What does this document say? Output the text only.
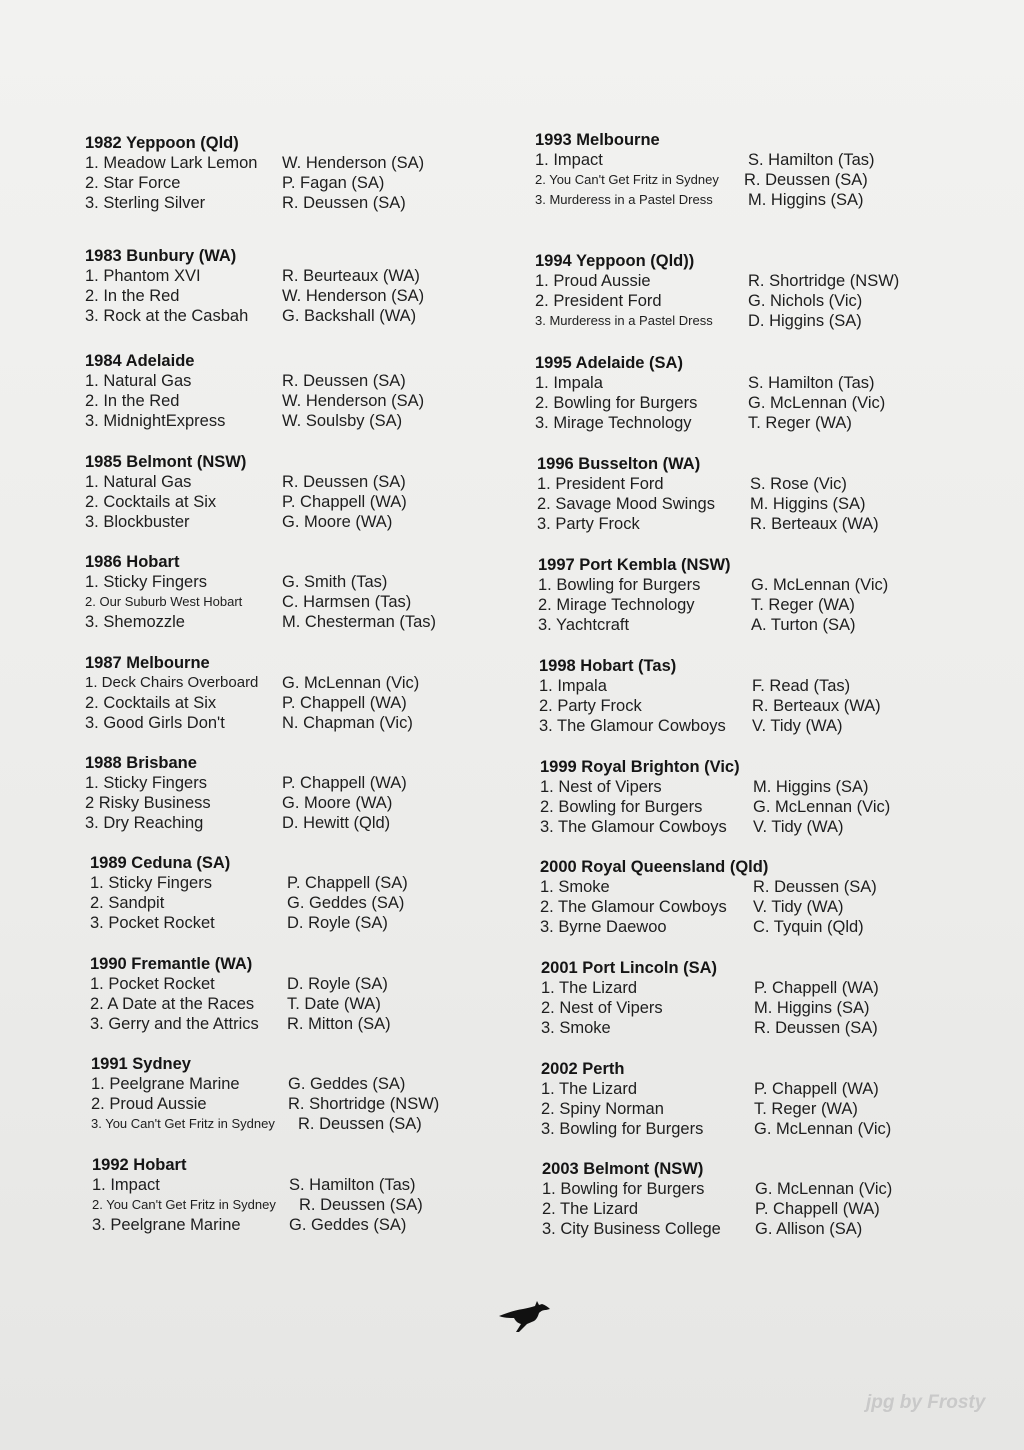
1982 Yeppoon (Qld)
1. Meadow Lark Lemon W. Henderson (SA)
2. Star Force	P. Fagan (SA)
3. Sterling Silver	R. Deussen (SA)
1983 Bunbury (WA)
1. Phantom XVI	R. Beurteaux (WA)
2. In the Red	W. Henderson (SA)
3. Rock at the Casbah G. Backshall (WA)
1984 Adelaide
1. Natural Gas	R. Deussen (SA)
2. In the Red	W. Henderson (SA)
3. MidnightExpress	W. Soulsby (SA)
1985 Belmont (NSW)
1. Natural Gas	R. Deussen (SA)
2. Cocktails at Six	P. Chappell (WA)
3. Blockbuster	G. Moore (WA)
1986 Hobart
1. Sticky Fingers	G. Smith (Tas)
2. Our Suburb West Hobart C. Harmsen (Tas)
3. Shemozzle	M. Chesterman (Tas)
1987 Melbourne
1. Deck Chairs Overboard G. McLennan (Vic)
2. Cocktails at Six	P. Chappell (WA)
3. Good Girls Don't	N. Chapman (Vic)
1988 Brisbane
1. Sticky Fingers	P. Chappell (WA)
2 Risky Business	G. Moore (WA)
3. Dry Reaching	D. Hewitt (Qld)
1989 Ceduna (SA)
1. Sticky Fingers	P. Chappell (SA)
2. Sandpit	G. Geddes (SA)
3. Pocket Rocket	D. Royle (SA)
1990 Fremantle (WA)
1. Pocket Rocket	D. Royle (SA)
2. A Date at the Races T. Date (WA)
3. Gerry and the Attrics R. Mitton (SA)
1991 Sydney
1. Peelgrane Marine	G. Geddes (SA)
2. Proud Aussie	R. Shortridge (NSW)
3. You Can't Get Fritz in Sydney R. Deussen (SA)
1992 Hobart
1. Impact	S. Hamilton (Tas)
2. You Can't Get Fritz in Sydney R. Deussen (SA)
3. Peelgrane Marine	G. Geddes (SA)
1993 Melbourne
1. Impact	S. Hamilton (Tas)
2. You Can't Get Fritz in Sydney R. Deussen (SA)
3. Murderess in a Pastel Dress M. Higgins (SA)
1994 Yeppoon (Qld))
1. Proud Aussie	R. Shortridge (NSW)
2. President Ford	G. Nichols (Vic)
3. Murderess in a Pastel Dress D. Higgins (SA)
1995 Adelaide (SA)
1. Impala	S. Hamilton (Tas)
2. Bowling for Burgers	G. McLennan (Vic)
3. Mirage Technology	T. Reger (WA)
1996 Busselton (WA)
1. President Ford	S. Rose (Vic)
2. Savage Mood Swings M. Higgins (SA)
3. Party Frock	R. Berteaux (WA)
1997 Port Kembla (NSW)
1. Bowling for Burgers	G. McLennan (Vic)
2. Mirage Technology	T. Reger (WA)
3. Yachtcraft	A. Turton (SA)
1998 Hobart (Tas)
1. Impala	F. Read (Tas)
2. Party Frock	R. Berteaux (WA)
3. The Glamour Cowboys V. Tidy (WA)
1999 Royal Brighton (Vic)
1. Nest of Vipers	M. Higgins (SA)
2. Bowling for Burgers	G. McLennan (Vic)
3. The Glamour Cowboys V. Tidy (WA)
2000 Royal Queensland (Qld)
1. Smoke	R. Deussen (SA)
2. The Glamour Cowboys V. Tidy (WA)
3. Byrne Daewoo	C. Tyquin (Qld)
2001 Port Lincoln (SA)
1. The Lizard	P. Chappell (WA)
2. Nest of Vipers	M. Higgins (SA)
3. Smoke	R. Deussen (SA)
2002 Perth
1. The Lizard	P. Chappell (WA)
2. Spiny Norman	T. Reger (WA)
3. Bowling for Burgers	G. McLennan (Vic)
2003 Belmont (NSW)
1. Bowling for Burgers	G. McLennan (Vic)
2. The Lizard	P. Chappell (WA)
3. City Business College G. Allison (SA)
jpg by Frosty
